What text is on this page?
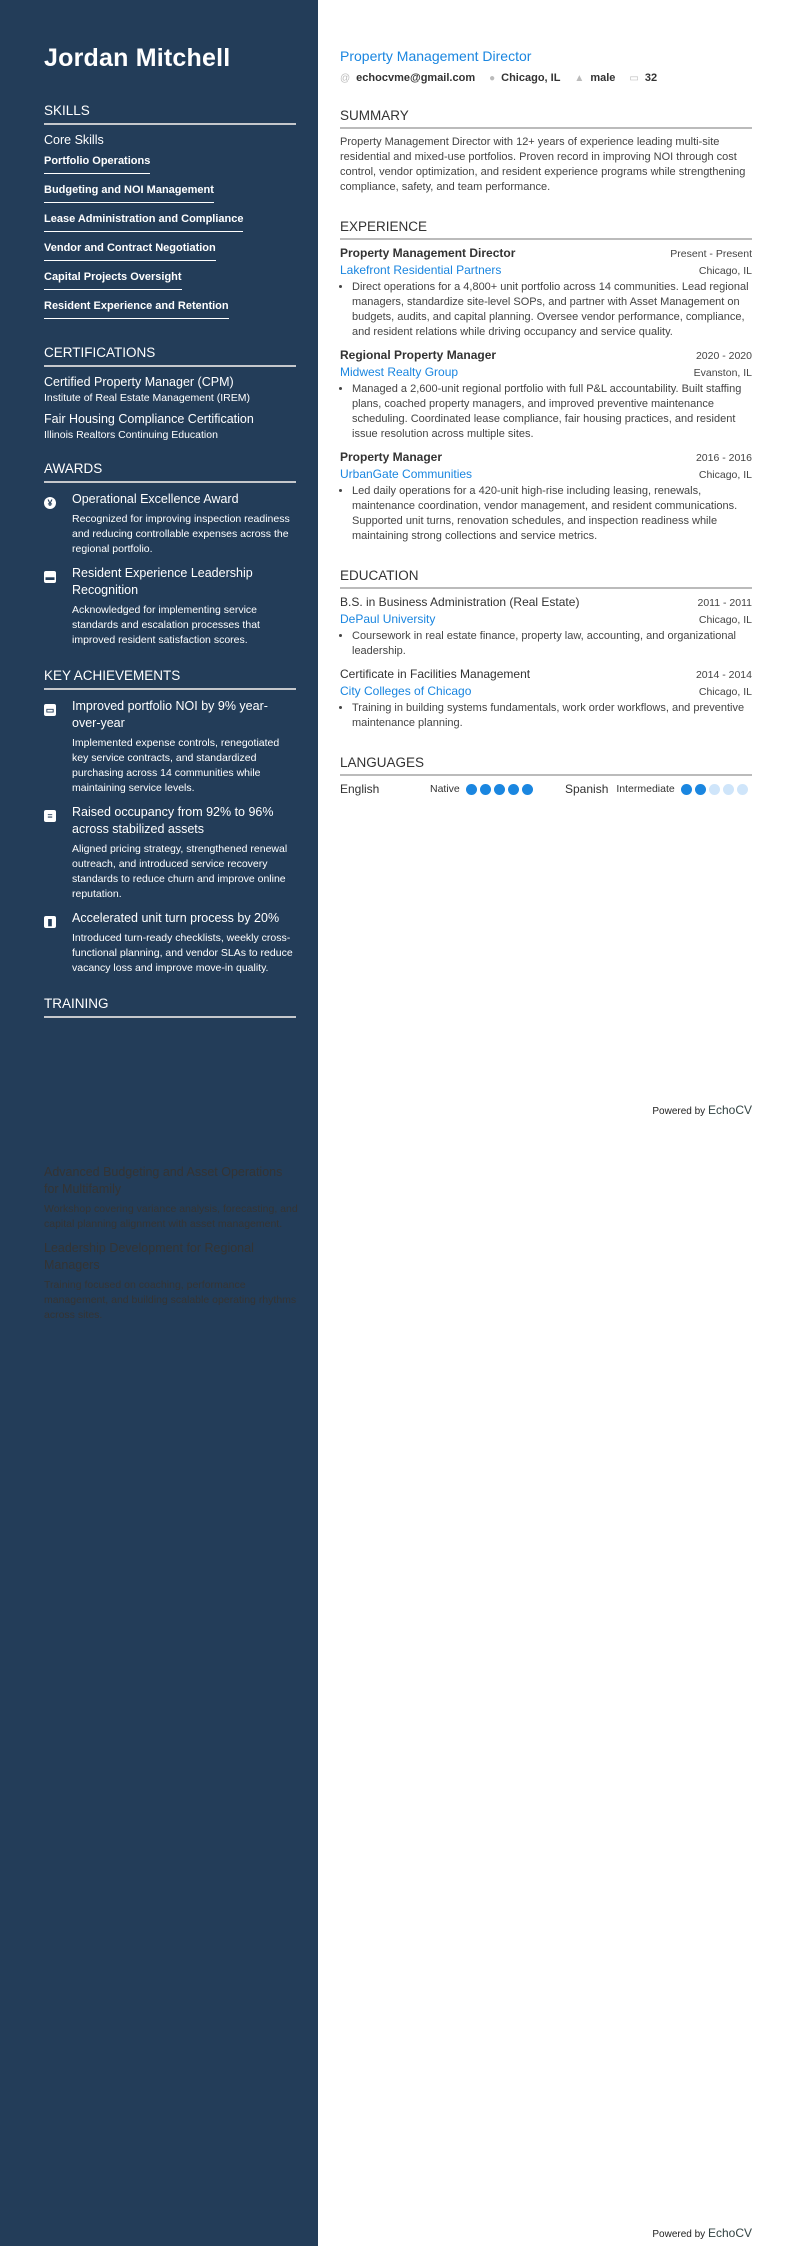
Jordan Mitchell
SKILLS
Core Skills
Portfolio Operations
Budgeting and NOI Management
Lease Administration and Compliance
Vendor and Contract Negotiation
Capital Projects Oversight
Resident Experience and Retention
CERTIFICATIONS
Certified Property Manager (CPM)
Institute of Real Estate Management (IREM)
Fair Housing Compliance Certification
Illinois Realtors Continuing Education
AWARDS
¥	Operational Excellence Award
Recognized for improving inspection readiness and reducing controllable expenses across the regional portfolio.
▬	Resident Experience Leadership Recognition
Acknowledged for implementing service standards and escalation processes that improved resident satisfaction scores.
KEY ACHIEVEMENTS
▭	Improved portfolio NOI by 9% year-over-year
Implemented expense controls, renegotiated key service contracts, and standardized purchasing across 14 communities while maintaining service levels.
≡	Raised occupancy from 92% to 96% across stabilized assets
Aligned pricing strategy, strengthened renewal outreach, and introduced service recovery standards to reduce churn and improve online reputation.
▮	Accelerated unit turn process by 20%
Introduced turn-ready checklists, weekly cross-functional planning, and vendor SLAs to reduce vacancy loss and improve move-in quality.
TRAINING
Advanced Budgeting and Asset Operations for Multifamily
Workshop covering variance analysis, forecasting, and capital planning alignment with asset management.
Leadership Development for Regional Managers
Training focused on coaching, performance management, and building scalable operating rhythms across sites.
Property Management Director
@ echocvme@gmail.com ● Chicago, IL ▲ male ▭ 32
SUMMARY
Property Management Director with 12+ years of experience leading multi-site residential and mixed-use portfolios. Proven record in improving NOI through cost control, vendor optimization, and resident experience programs while strengthening compliance, safety, and team performance.
EXPERIENCE
Property Management Director	Present - Present
Lakefront Residential Partners	Chicago, IL
• Direct operations for a 4,800+ unit portfolio across 14 communities. Lead regional managers, standardize site-level SOPs, and partner with Asset Management on budgets, audits, and capital planning. Oversee vendor performance, compliance, and resident relations while driving occupancy and service quality.
Regional Property Manager	2020 - 2020
Midwest Realty Group	Evanston, IL
• Managed a 2,600-unit regional portfolio with full P&L accountability. Built staffing plans, coached property managers, and improved preventive maintenance scheduling. Coordinated lease compliance, fair housing practices, and resident issue resolution across multiple sites.
Property Manager	2016 - 2016
UrbanGate Communities	Chicago, IL
• Led daily operations for a 420-unit high-rise including leasing, renewals, maintenance coordination, vendor management, and resident communications. Supported unit turns, renovation schedules, and inspection readiness while maintaining strong collections and service metrics.
EDUCATION
B.S. in Business Administration (Real Estate)	2011 - 2011
DePaul University	Chicago, IL
• Coursework in real estate finance, property law, accounting, and organizational leadership.
Certificate in Facilities Management	2014 - 2014
City Colleges of Chicago	Chicago, IL
• Training in building systems fundamentals, work order workflows, and preventive maintenance planning.
LANGUAGES
English	Native	Spanish Intermediate
Powered by EchoCV
Powered by EchoCV
